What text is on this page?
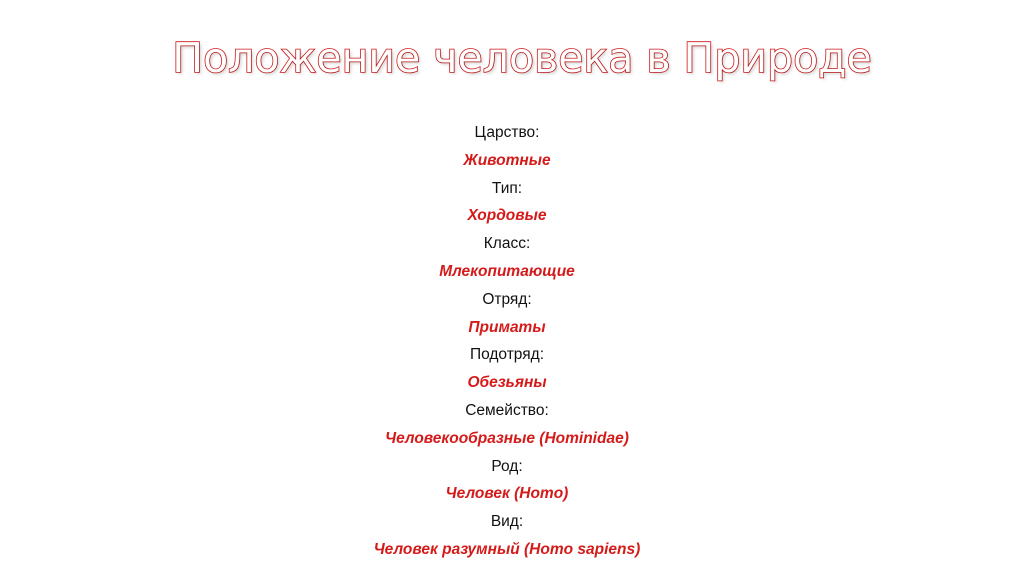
Положение человека в Природе
Царство:
Животные
Тип:
Хордовые
Класс:
Млекопитающие
Отряд:
Приматы
Подотряд:
Обезьяны
Семейство:
Человекообразные (Hominidae)
Род:
Человек (Homo)
Вид:
Человек разумный (Homo sapiens)
